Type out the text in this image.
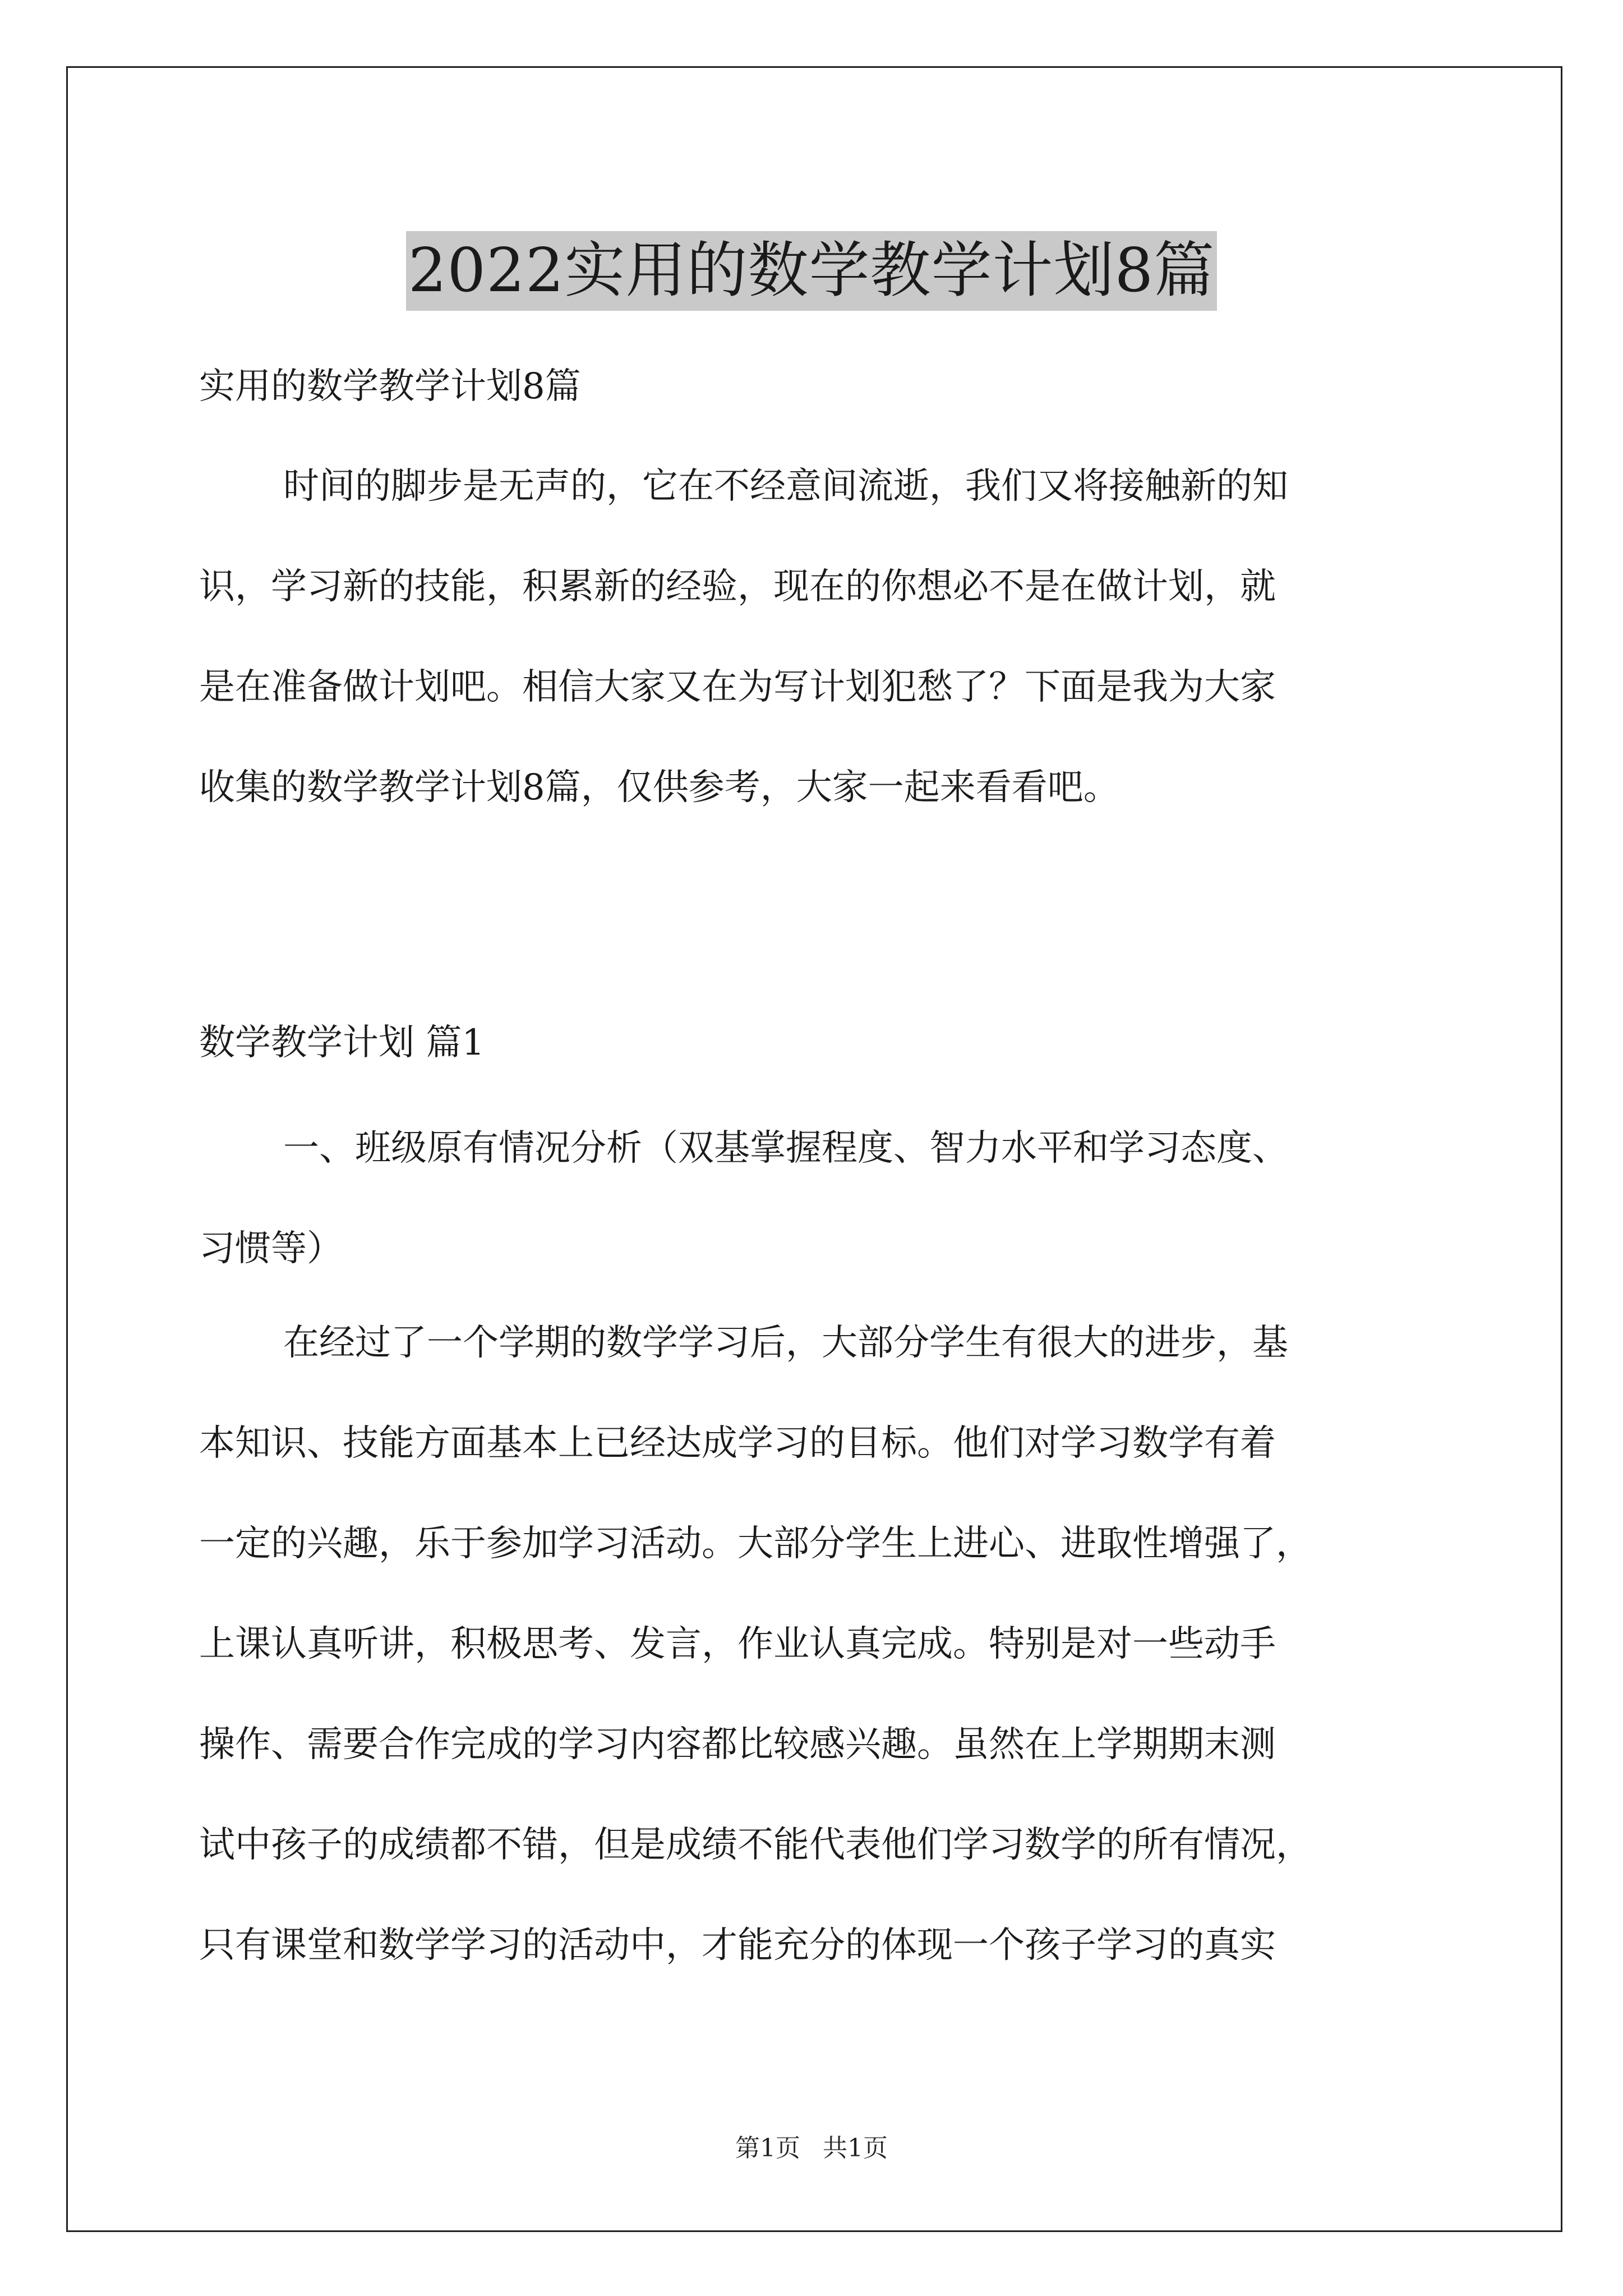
2022实用的数学教学计划8篇
实用的数学教学计划8篇
时间的脚步是无声的，它在不经意间流逝，我们又将接触新的知
识，学习新的技能，积累新的经验，现在的你想必不是在做计划，就
是在准备做计划吧。相信大家又在为写计划犯愁了？下面是我为大家
收集的数学教学计划8篇，仅供参考，大家一起来看看吧。
数学教学计划 篇1
一、班级原有情况分析（双基掌握程度、智力水平和学习态度、
习惯等）
在经过了一个学期的数学学习后，大部分学生有很大的进步，基
本知识、技能方面基本上已经达成学习的目标。他们对学习数学有着
一定的兴趣，乐于参加学习活动。大部分学生上进心、进取性增强了，
上课认真听讲，积极思考、发言，作业认真完成。特别是对一些动手
操作、需要合作完成的学习内容都比较感兴趣。虽然在上学期期末测
试中孩子的成绩都不错，但是成绩不能代表他们学习数学的所有情况，
只有课堂和数学学习的活动中，才能充分的体现一个孩子学习的真实
第1页 共1页
